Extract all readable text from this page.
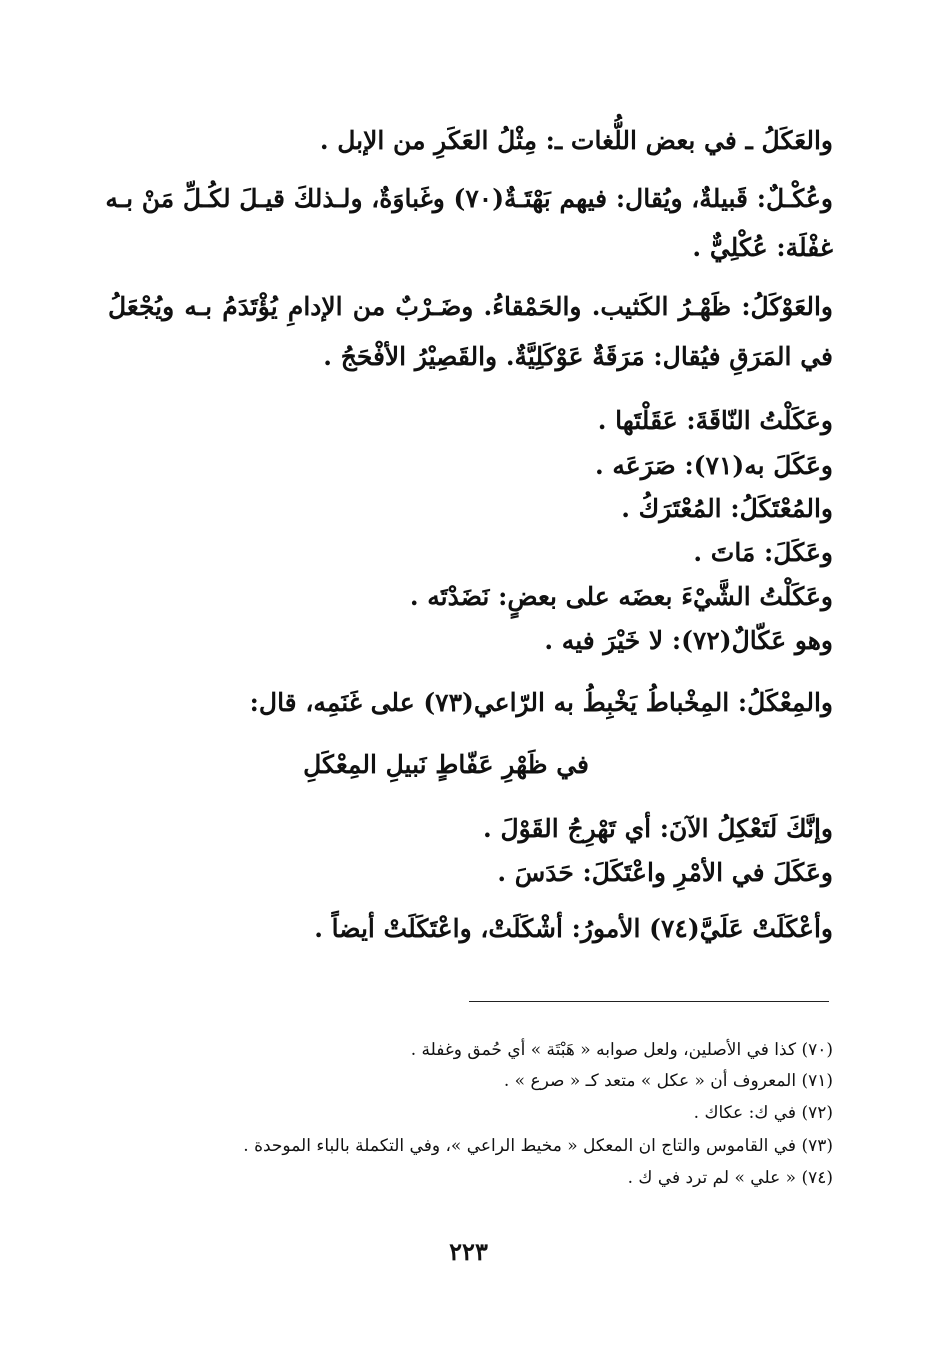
والعَكَلُ ـ في بعض اللُّغات ـ: مِثْلُ العَكَرِ من الإبل .
وعُكْـلٌ: قَبيلةٌ، ويُقال: فيهم بَهْتَـةٌ(٧٠) وغَباوَةٌ، ولـذلكَ قيـلَ لكُـلِّ مَنْ بـه
غفْلَة: عُكْلِيٌّ .
والعَوْكَلُ: ظَهْـرُ الكَثيب. والحَمْقاءُ. وضَـرْبٌ من الإدامِ يُؤْتَدَمُ بـه ويُجْعَلُ
في المَرَقِ فيُقال: مَرَقَةٌ عَوْكَلِيَّةٌ. والقَصِيْرُ الأفْحَجُ .
وعَكَلْتُ النّاقَةَ: عَقَلْتَها .
وعَكَلَ به(٧١): صَرَعَه .
والمُعْتَكَلُ: المُعْتَرَكُ .
وعَكَلَ: مَاتَ .
وعَكَلْتُ الشَّيْءَ بعضَه على بعضٍ: نَضَدْتَه .
وهو عَكّالٌ(٧٢): لا خَيْرَ فيه .
والمِعْكَلُ: المِخْباطُ يَخْبِطُ به الرّاعي(٧٣) على غَنَمِه، قال:
في ظَهْرِ عَفّاطٍ نَبيلِ المِعْكَلِ
وإنَّكَ لَتَعْكِلُ الآنَ: أي تَهْرِجُ القَوْلَ .
وعَكَلَ في الأمْرِ واعْتَكَلَ: حَدَسَ .
وأعْكَلَتْ عَلَيَّ(٧٤) الأمورُ: أشْكَلَتْ، واعْتَكَلَتْ أيضاً .
(٧٠) كذا في الأصلين، ولعل صوابه « هَبْتَة » أي حُمق وغفلة .
(٧١) المعروف أن « عكل » متعد كـ « صرع » .
(٧٢) في ك: عكاك .
(٧٣) في القاموس والتاج ان المعكل « مخيط الراعي »، وفي التكملة بالباء الموحدة .
(٧٤) « علي » لم ترد في ك .
٢٢٣
